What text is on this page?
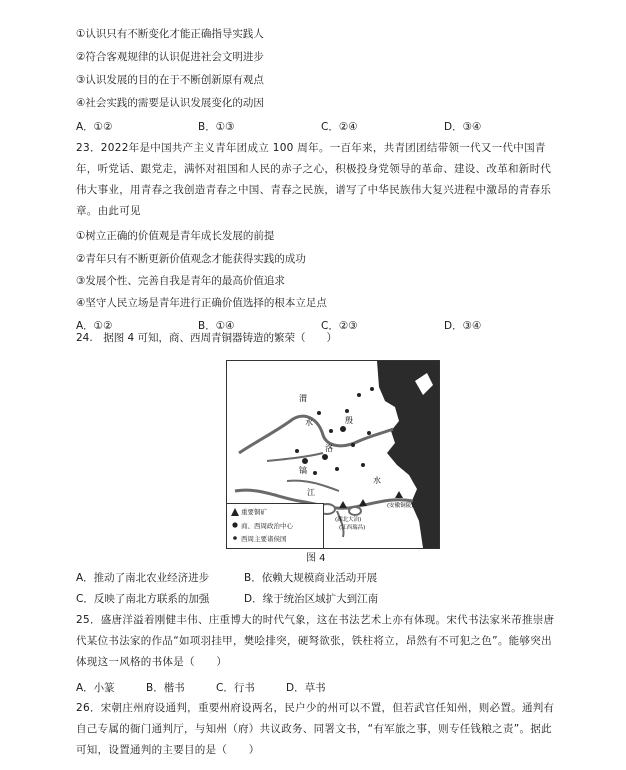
①认识只有不断变化才能正确指导实践人
②符合客观规律的认识促进社会文明进步
③认识发展的目的在于不断创新原有观点
④社会实践的需要是认识发展变化的动因
A．①②	B．①③	C．②④	D．③④
23．2022年是中国共产主义青年团成立 100 周年。一百年来，共青团团结带领一代又一代中国青年，听党话、跟党走，满怀对祖国和人民的赤子之心，积极投身党领导的革命、建设、改革和新时代伟大事业，用青春之我创造青春之中国、青春之民族，谱写了中华民族伟大复兴进程中激昂的青春乐章。由此可见
①树立正确的价值观是青年成长发展的前提
②青年只有不断更新价值观念才能获得实践的成功
③发展个性、完善自我是青年的最高价值追求
④坚守人民立场是青年进行正确价值选择的根本立足点
A．①②	B．①④	C．②③	D．③④
24.　据图 4 可知，商、西周青铜器铸造的繁荣（　　）
渭
水	殷
镐
洛
江
水
(湖北大冶)
(江西瑞昌)
(安徽铜陵)
重要铜矿
商、西周政治中心
西周主要诸侯国
图 4
A．推动了南北农业经济进步	B．依赖大规模商业活动开展
C．反映了南北方联系的加强	D．缘于统治区域扩大到江南
25．盛唐洋溢着刚健丰伟、庄重博大的时代气象，这在书法艺术上亦有体现。宋代书法家米芾推崇唐代某位书法家的作品“如项羽挂甲，樊哙排突，硬弩欲张，铁柱将立，昂然有不可犯之色”。能够突出体现这一风格的书体是（　　）
A．小篆	B．楷书	C．行书	D．草书
26．宋朝庄州府设通判，重要州府设两名，民户少的州可以不置，但若武官任知州，则必置。通判有自己专属的衙门通判厅，与知州（府）共议政务、同署文书，“有军旅之事，则专任钱粮之责”。据此可知，设置通判的主要目的是（　　）
